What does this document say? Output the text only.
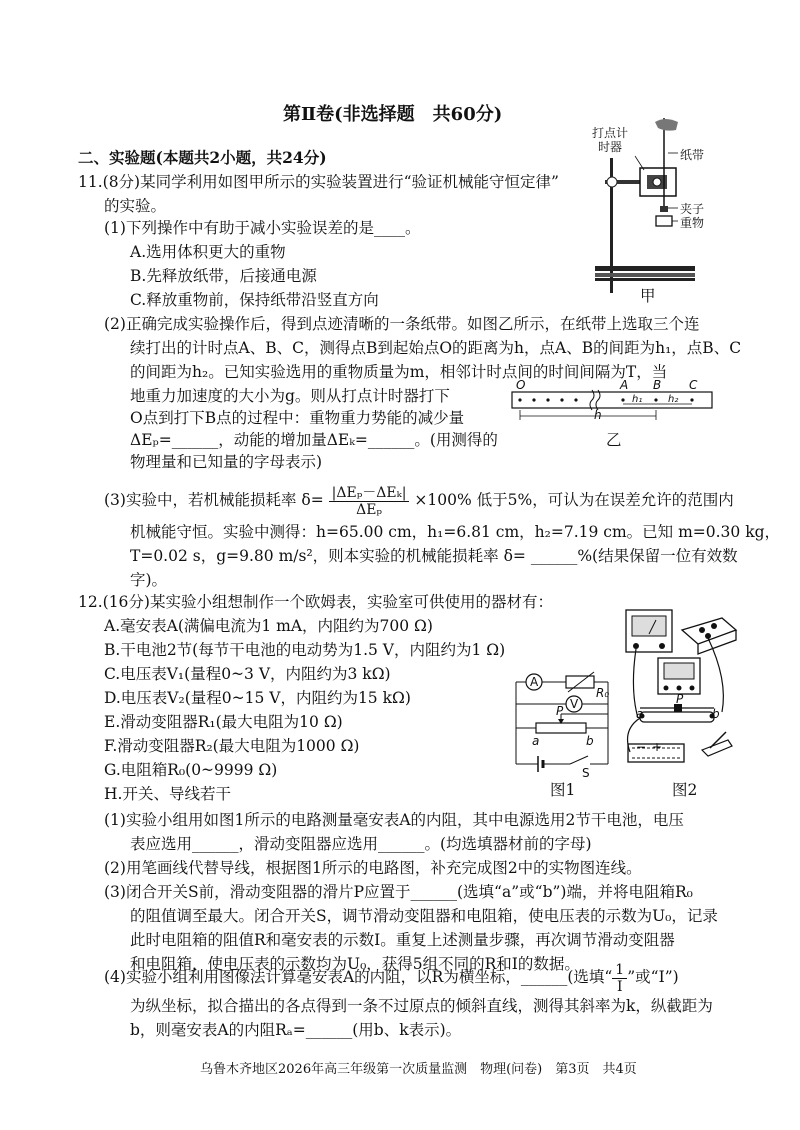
第Ⅱ卷(非选择题　共60分)
二、实验题(本题共2小题，共24分)
11.(8分)某同学利用如图甲所示的实验装置进行“验证机械能守恒定律”
的实验。
(1)下列操作中有助于减小实验误差的是____。
A.选用体积更大的重物
B.先释放纸带，后接通电源
C.释放重物前，保持纸带沿竖直方向
(2)正确完成实验操作后，得到点迹清晰的一条纸带。如图乙所示，在纸带上选取三个连
续打出的计时点A、B、C，测得点B到起始点O的距离为h，点A、B的间距为h₁，点B、C
的间距为h₂。已知实验选用的重物质量为m，相邻计时点间的时间间隔为T，当
地重力加速度的大小为g。则从打点计时器打下
O点到打下B点的过程中：重物重力势能的减少量
ΔEₚ=______，动能的增加量ΔEₖ=______。(用测得的
物理量和已知量的字母表示)
(3)实验中，若机械能损耗率 $\delta= \frac{\text{|ΔEₚ－ΔEₖ|}}{\text{ΔEₚ}} \times 100\%$ 低于5%，可认为在误差允许的范围内
机械能守恒。实验中测得：h=65.00 cm，h₁=6.81 cm，h₂=7.19 cm。已知 m=0.30 kg，
T=0.02 s，g=9.80 m/s²，则本实验的机械能损耗率 δ= ______%(结果保留一位有效数
字)。
打点计
时器
纸带
夹子
重物
甲
O	A B C
h₁	h₂
h
乙
12.(16分)某实验小组想制作一个欧姆表，实验室可供使用的器材有：
A.毫安表A(满偏电流为1 mA，内阻约为700 Ω)
B.干电池2节(每节干电池的电动势为1.5 V，内阻约为1 Ω)
C.电压表V₁(量程0~3 V，内阻约为3 kΩ)
D.电压表V₂(量程0~15 V，内阻约为15 kΩ)
E.滑动变阻器R₁(最大电阻为10 Ω)
F.滑动变阻器R₂(最大电阻为1000 Ω)
G.电阻箱R₀(0~9999 Ω)
H.开关、导线若干
A
V
R₀
P
a	b
S
图1
a	b
P
− +
图2
(1)实验小组用如图1所示的电路测量毫安表A的内阻，其中电源选用2节干电池，电压
表应选用______，滑动变阻器应选用______。(均选填器材前的字母)
(2)用笔画线代替导线，根据图1所示的电路图，补充完成图2中的实物图连线。
(3)闭合开关S前，滑动变阻器的滑片P应置于______(选填“a”或“b”)端，并将电阻箱R₀
的阻值调至最大。闭合开关S，调节滑动变阻器和电阻箱，使电压表的示数为U₀，记录
此时电阻箱的阻值R和毫安表的示数I。重复上述测量步骤，再次调节滑动变阻器
和电阻箱，使电压表的示数均为U₀，获得5组不同的R和I的数据。
(4)实验小组利用图像法计算毫安表A的内阻，以R为横坐标，______(选填“ $\frac{1}{I}$ ”或“I”)
为纵坐标，拟合描出的各点得到一条不过原点的倾斜直线，测得其斜率为k，纵截距为
b，则毫安表A的内阻Rₐ=______(用b、k表示)。
乌鲁木齐地区2026年高三年级第一次质量监测　物理(问卷)　第3页　共4页
